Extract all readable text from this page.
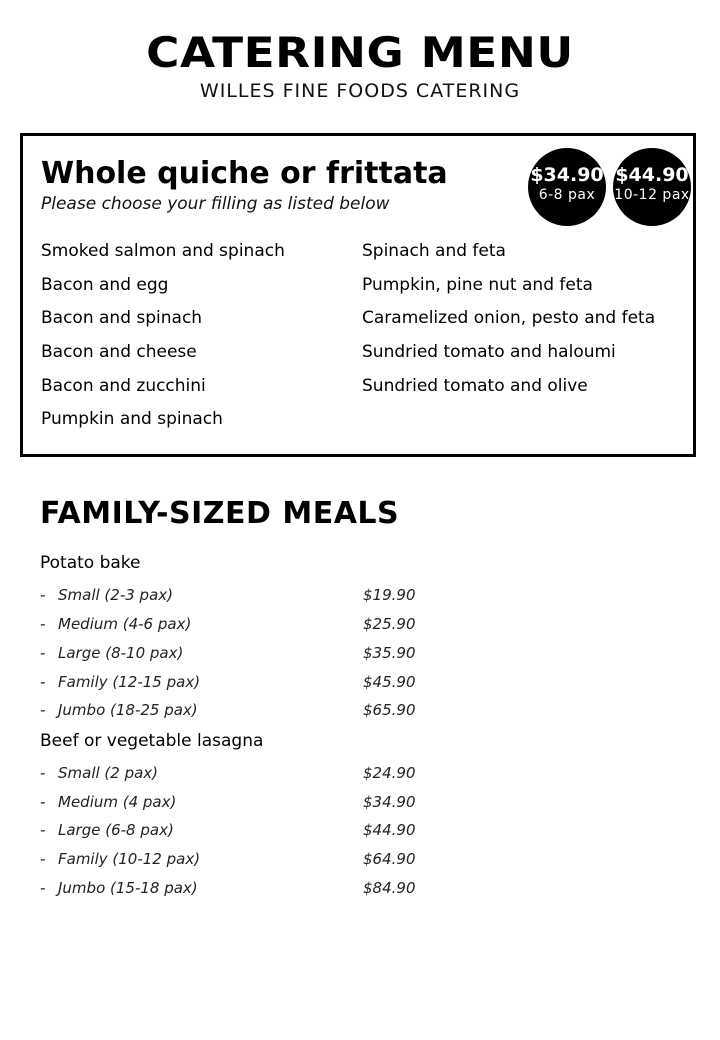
CATERING MENU
WILLES FINE FOODS CATERING
Whole quiche or frittata
Please choose your filling as listed below
$34.90
6-8 pax
$44.90
10-12 pax
Smoked salmon and spinach
Bacon and egg
Bacon and spinach
Bacon and cheese
Bacon and zucchini
Pumpkin and spinach
Spinach and feta
Pumpkin, pine nut and feta
Caramelized onion, pesto and feta
Sundried tomato and haloumi
Sundried tomato and olive
FAMILY-SIZED MEALS
Potato bake
- Small (2-3 pax)	$19.90
- Medium (4-6 pax)	$25.90
- Large (8-10 pax)	$35.90
- Family (12-15 pax)	$45.90
- Jumbo (18-25 pax)	$65.90
Beef or vegetable lasagna
- Small (2 pax)	$24.90
- Medium (4 pax)	$34.90
- Large (6-8 pax)	$44.90
- Family (10-12 pax)	$64.90
- Jumbo (15-18 pax)	$84.90
